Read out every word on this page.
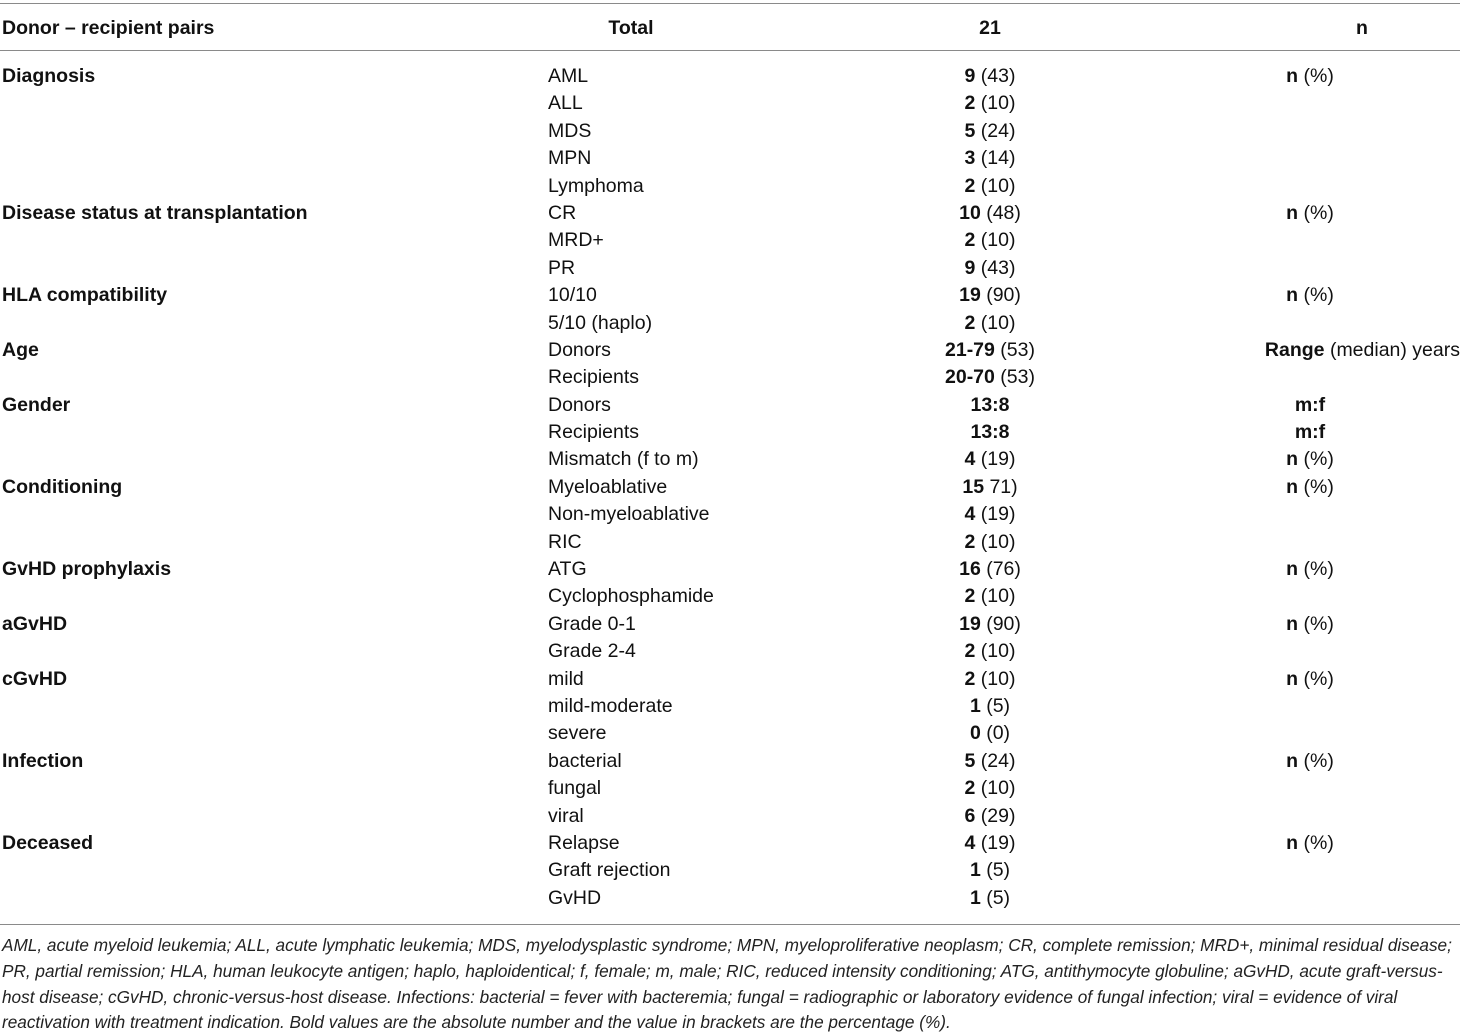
Donor – recipient pairs	Total	21	n
Diagnosis	AML	9 (43)	n (%)
ALL	2 (10)
MDS	5 (24)
MPN	3 (14)
Lymphoma	2 (10)
Disease status at transplantation	CR	10 (48)	n (%)
MRD+	2 (10)
PR	9 (43)
HLA compatibility	10/10	19 (90)	n (%)
5/10 (haplo)	2 (10)
Age	Donors	21-79 (53)	Range (median) years
Recipients	20-70 (53)
Gender	Donors	13:8	m:f
Recipients	13:8	m:f
Mismatch (f to m)	4 (19)	n (%)
Conditioning	Myeloablative	15 71)	n (%)
Non-myeloablative	4 (19)
RIC	2 (10)
GvHD prophylaxis	ATG	16 (76)	n (%)
Cyclophosphamide	2 (10)
aGvHD	Grade 0-1	19 (90)	n (%)
Grade 2-4	2 (10)
cGvHD	mild	2 (10)	n (%)
mild-moderate	1 (5)
severe	0 (0)
Infection	bacterial	5 (24)	n (%)
fungal	2 (10)
viral	6 (29)
Deceased	Relapse	4 (19)	n (%)
Graft rejection	1 (5)
GvHD	1 (5)
AML, acute myeloid leukemia; ALL, acute lymphatic leukemia; MDS, myelodysplastic syndrome; MPN, myeloproliferative neoplasm; CR, complete remission; MRD+, minimal residual disease; PR, partial remission; HLA, human leukocyte antigen; haplo, haploidentical; f, female; m, male; RIC, reduced intensity conditioning; ATG, antithymocyte globuline; aGvHD, acute graft-versus-host disease; cGvHD, chronic-versus-host disease. Infections: bacterial = fever with bacteremia; fungal = radiographic or laboratory evidence of fungal infection; viral = evidence of viral reactivation with treatment indication. Bold values are the absolute number and the value in brackets are the percentage (%).
